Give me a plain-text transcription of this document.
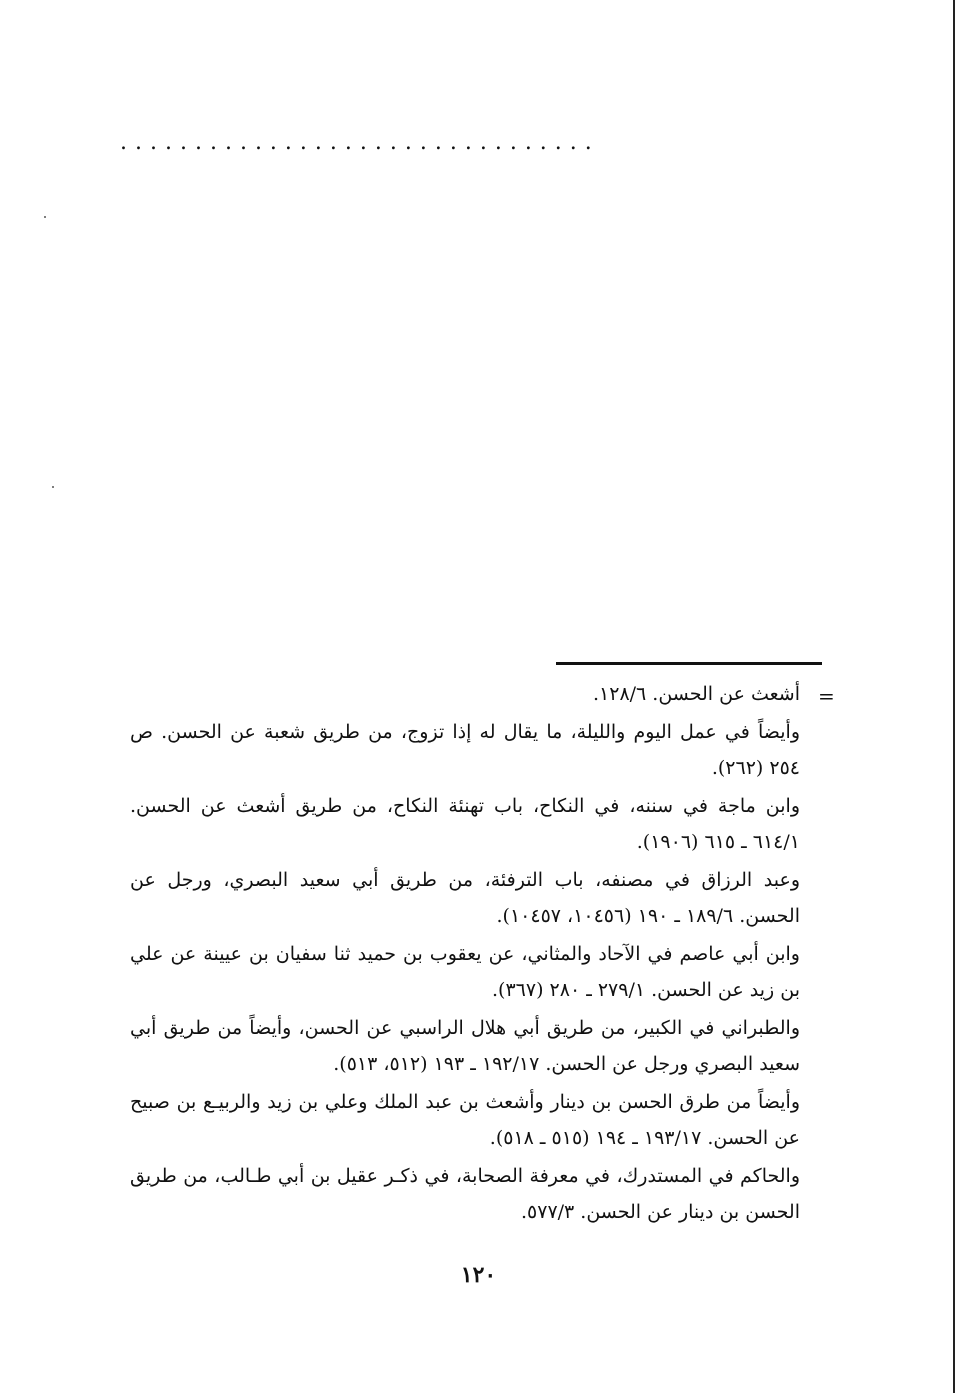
................................
=

أشعث عن الحسن. ١٢٨/٦.

وأيضاً في عمل اليوم والليلة، ما يقال له إذا تزوج، من طريق شعبة عن الحسن. ص ٢٥٤ (٢٦٢).

وابن ماجة في سننه، في النكاح، باب تهنئة النكاح، من طريق أشعث عن الحسن. ٦١٤/١ ـ ٦١٥ (١٩٠٦).

وعبد الرزاق في مصنفه، باب الترفئة، من طريق أبي سعيد البصري، ورجل عن الحسن. ١٨٩/٦ ـ ١٩٠ (١٠٤٥٦، ١٠٤٥٧).

وابن أبي عاصم في الآحاد والمثاني، عن يعقوب بن حميد ثنا سفيان بن عيينة عن علي بن زيد عن الحسن. ٢٧٩/١ ـ ٢٨٠ (٣٦٧).

والطبراني في الكبير، من طريق أبي هلال الراسبي عن الحسن، وأيضاً من طريق أبي سعيد البصري ورجل عن الحسن. ١٩٢/١٧ ـ ١٩٣ (٥١٢، ٥١٣).

وأيضاً من طرق الحسن بن دينار وأشعث بن عبد الملك وعلي بن زيد والربيـع بن صبيح عن الحسن. ١٩٣/١٧ ـ ١٩٤ (٥١٥ ـ ٥١٨).

والحاكم في المستدرك، في معرفة الصحابة، في ذكـر عقيل بن أبي طـالب، من طريق الحسن بن دينار عن الحسن. ٥٧٧/٣.

١٢٠
